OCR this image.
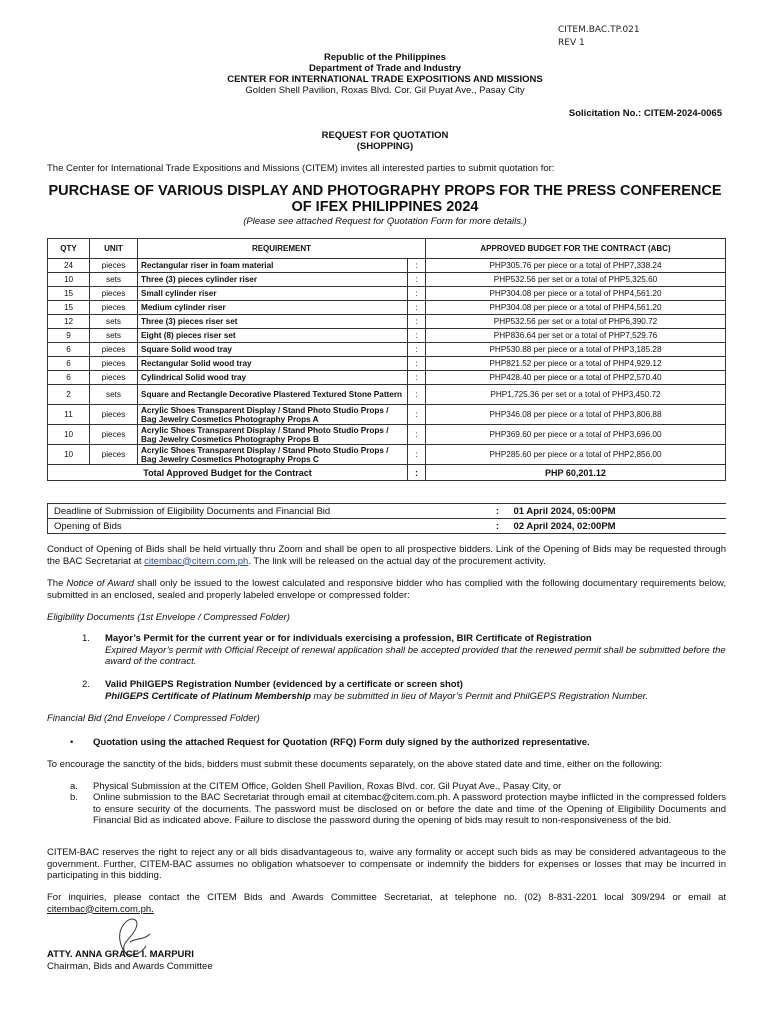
CITEM.BAC.TP.021
REV 1
Republic of the Philippines
Department of Trade and Industry
CENTER FOR INTERNATIONAL TRADE EXPOSITIONS AND MISSIONS
Golden Shell Pavilion, Roxas Blvd. Cor. Gil Puyat Ave., Pasay City
Solicitation No.: CITEM-2024-0065
REQUEST FOR QUOTATION
(SHOPPING)
The Center for International Trade Expositions and Missions (CITEM) invites all interested parties to submit quotation for:
PURCHASE OF VARIOUS DISPLAY AND PHOTOGRAPHY PROPS FOR THE PRESS CONFERENCE OF IFEX PHILIPPINES 2024
(Please see attached Request for Quotation Form for more details.)
QTY	UNIT	REQUIREMENT		APPROVED BUDGET FOR THE CONTRACT (ABC)
24	pieces	Rectangular riser in foam material	:	PHP305.76 per piece or a total of PHP7,338.24
10	sets	Three (3) pieces cylinder riser	:	PHP532.56 per set or a total of PHP5,325.60
15	pieces	Small cylinder riser	:	PHP304.08 per piece or a total of PHP4,561.20
15	pieces	Medium cylinder riser	:	PHP304.08 per piece or a total of PHP4,561.20
12	sets	Three (3) pieces riser set	:	PHP532.56 per set or a total of PHP6,390.72
9	sets	Eight (8) pieces riser set	:	PHP836.64 per set or a total of PHP7,529.76
6	pieces	Square Solid wood tray	:	PHP530.88 per piece or a total of PHP3,185.28
6	pieces	Rectangular Solid wood tray	:	PHP821.52 per piece or a total of PHP4,929.12
6	pieces	Cylindrical Solid wood tray	:	PHP428.40 per piece or a total of PHP2,570.40
2	sets	Square and Rectangle Decorative Plastered Textured Stone Pattern	:	PHP1,725.36 per set or a total of PHP3,450.72
11	pieces	Acrylic Shoes Transparent Display / Stand Photo Studio Props / Bag Jewelry Cosmetics Photography Props A	:	PHP346.08 per piece or a total of PHP3,806.88
10	pieces	Acrylic Shoes Transparent Display / Stand Photo Studio Props / Bag Jewelry Cosmetics Photography Props B	:	PHP369.60 per piece or a total of PHP3,696.00
10	pieces	Acrylic Shoes Transparent Display / Stand Photo Studio Props / Bag Jewelry Cosmetics Photography Props C	:	PHP285.60 per piece or a total of PHP2,856.00
Total Approved Budget for the Contract			:	PHP 60,201.12
Deadline of Submission of Eligibility Documents and Financial Bid	:	01 April 2024, 05:00PM
Opening of Bids	:	02 April 2024, 02:00PM
Conduct of Opening of Bids shall be held virtually thru Zoom and shall be open to all prospective bidders. Link of the Opening of Bids may be requested through the BAC Secretariat at citembac@citem.com.ph. The link will be released on the actual day of the procurement activity.
The Notice of Award shall only be issued to the lowest calculated and responsive bidder who has complied with the following documentary requirements below, submitted in an enclosed, sealed and properly labeled envelope or compressed folder:
Eligibility Documents (1st Envelope / Compressed Folder)
1. Mayor’s Permit for the current year or for individuals exercising a profession, BIR Certificate of Registration
Expired Mayor’s permit with Official Receipt of renewal application shall be accepted provided that the renewed permit shall be submitted before the award of the contract.
2. Valid PhilGEPS Registration Number (evidenced by a certificate or screen shot)
PhilGEPS Certificate of Platinum Membership may be submitted in lieu of Mayor’s Permit and PhilGEPS Registration Number.
Financial Bid (2nd Envelope / Compressed Folder)
• Quotation using the attached Request for Quotation (RFQ) Form duly signed by the authorized representative.
To encourage the sanctity of the bids, bidders must submit these documents separately, on the above stated date and time, either on the following:
a. Physical Submission at the CITEM Office, Golden Shell Pavilion, Roxas Blvd. cor. Gil Puyat Ave., Pasay City, or
b. Online submission to the BAC Secretariat through email at citembac@citem.com.ph. A password protection maybe inflicted in the compressed folders to ensure security of the documents. The password must be disclosed on or before the date and time of the Opening of Eligibility Documents and Financial Bid as indicated above. Failure to disclose the password during the opening of bids may result to non-responsiveness of the bid.
CITEM-BAC reserves the right to reject any or all bids disadvantageous to, waive any formality or accept such bids as may be considered advantageous to the government. Further, CITEM-BAC assumes no obligation whatsoever to compensate or indemnify the bidders for expenses or losses that may be incurred in participating in this bidding.
For inquiries, please contact the CITEM Bids and Awards Committee Secretariat, at telephone no. (02) 8-831-2201 local 309/294 or email at citembac@citem.com.ph.
ATTY. ANNA GRACE I. MARPURI
Chairman, Bids and Awards Committee
